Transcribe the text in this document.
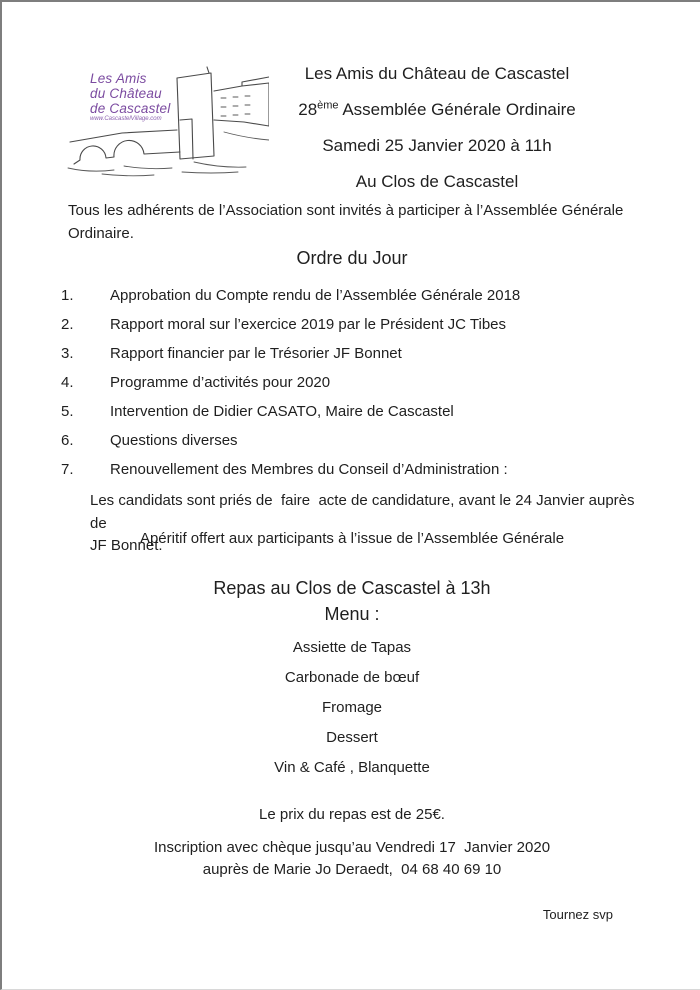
Les Amis
du Château
de Cascastel
www.CascastelVillage.com
Les Amis du Château de Cascastel
28ème Assemblée Générale Ordinaire
Samedi 25 Janvier 2020 à 11h
Au Clos de Cascastel
Tous les adhérents de l’Association sont invités à participer à l’Assemblée Générale
Ordinaire.
Ordre du Jour
1.	Approbation du Compte rendu de l’Assemblée Générale 2018
2.	Rapport moral sur l’exercice 2019 par le Président JC Tibes
3.	Rapport financier par le Trésorier JF Bonnet
4.	Programme d’activités pour 2020
5.	Intervention de Didier CASATO, Maire de Cascastel
6.	Questions diverses
7.	Renouvellement des Membres du Conseil d’Administration :
Les candidats sont priés de  faire  acte de candidature, avant le 24 Janvier auprès de
JF Bonnet.
Apéritif offert aux participants à l’issue de l’Assemblée Générale
Repas au Clos de Cascastel à 13h
Menu :
Assiette de Tapas
Carbonade de bœuf
Fromage
Dessert
Vin & Café , Blanquette
Le prix du repas est de 25€.
Inscription avec chèque jusqu’au Vendredi 17  Janvier 2020
auprès de Marie Jo Deraedt,  04 68 40 69 10
Tournez svp
